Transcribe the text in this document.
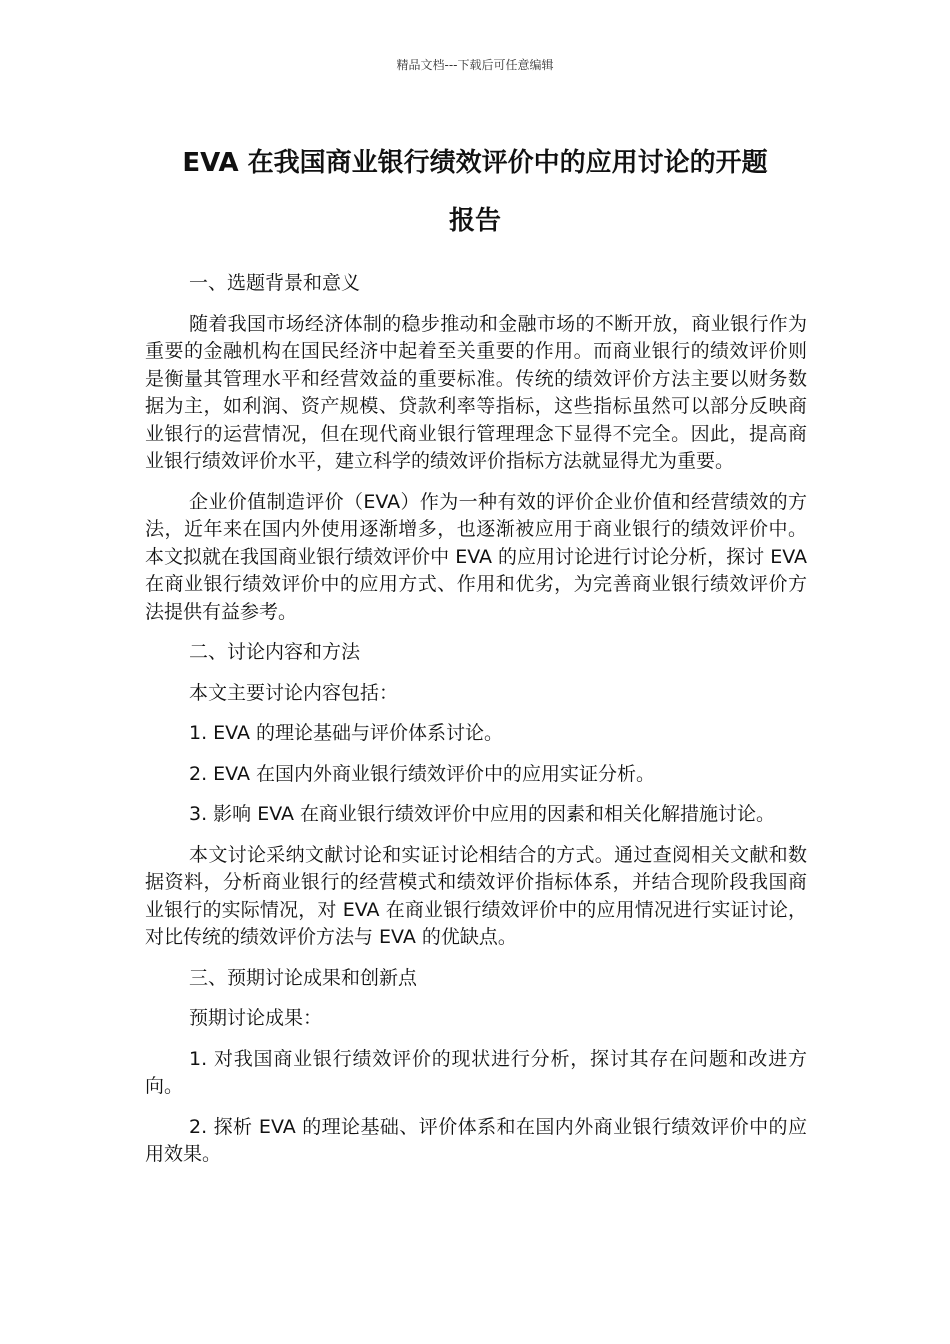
精品文档---下载后可任意编辑
EVA 在我国商业银行绩效评价中的应用讨论的开题
报告

一、选题背景和意义

随着我国市场经济体制的稳步推动和金融市场的不断开放，商业银行作为重要的金融机构在国民经济中起着至关重要的作用。而商业银行的绩效评价则是衡量其管理水平和经营效益的重要标准。传统的绩效评价方法主要以财务数据为主，如利润、资产规模、贷款利率等指标，这些指标虽然可以部分反映商业银行的运营情况，但在现代商业银行管理理念下显得不完全。因此，提高商业银行绩效评价水平，建立科学的绩效评价指标方法就显得尤为重要。

企业价值制造评价（EVA）作为一种有效的评价企业价值和经营绩效的方法，近年来在国内外使用逐渐增多，也逐渐被应用于商业银行的绩效评价中。本文拟就在我国商业银行绩效评价中 EVA 的应用讨论进行讨论分析，探讨 EVA 在商业银行绩效评价中的应用方式、作用和优劣，为完善商业银行绩效评价方法提供有益参考。

二、讨论内容和方法

本文主要讨论内容包括：

1. EVA 的理论基础与评价体系讨论。

2. EVA 在国内外商业银行绩效评价中的应用实证分析。

3. 影响 EVA 在商业银行绩效评价中应用的因素和相关化解措施讨论。

本文讨论采纳文献讨论和实证讨论相结合的方式。通过查阅相关文献和数据资料，分析商业银行的经营模式和绩效评价指标体系，并结合现阶段我国商业银行的实际情况，对 EVA 在商业银行绩效评价中的应用情况进行实证讨论，对比传统的绩效评价方法与 EVA 的优缺点。

三、预期讨论成果和创新点

预期讨论成果：

1. 对我国商业银行绩效评价的现状进行分析，探讨其存在问题和改进方向。

2. 探析 EVA 的理论基础、评价体系和在国内外商业银行绩效评价中的应用效果。
